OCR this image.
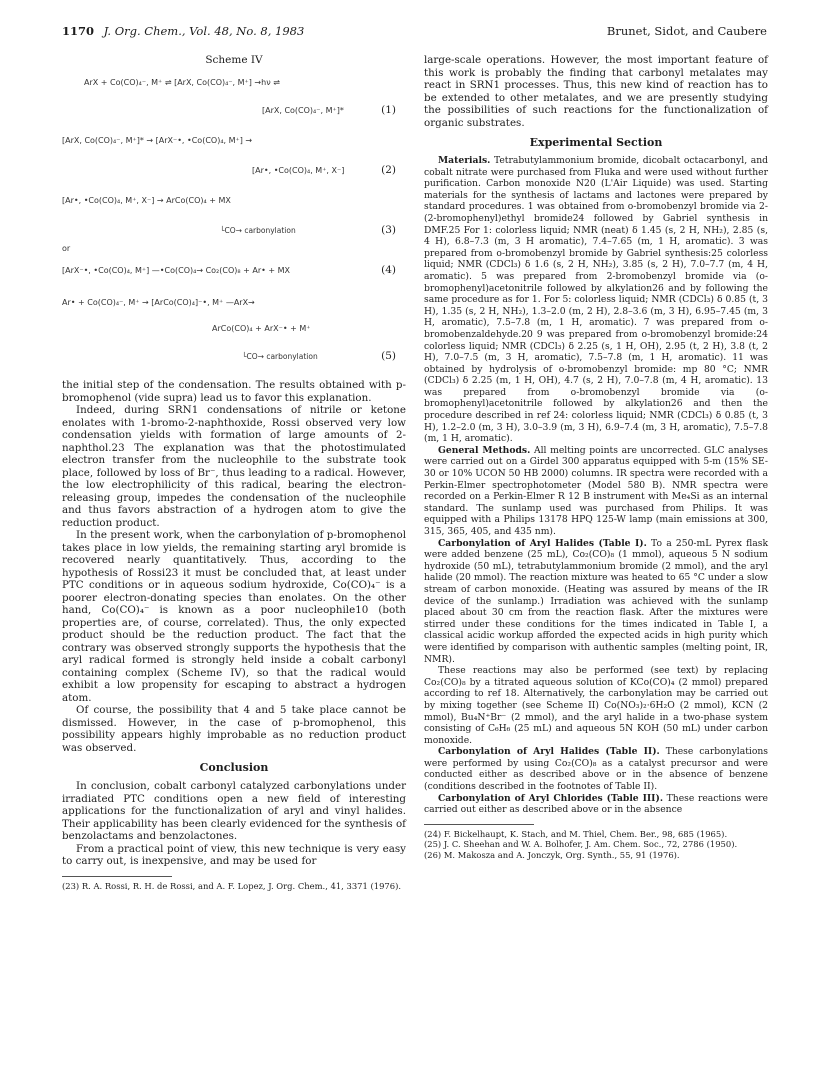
1170 J. Org. Chem., Vol. 48, No. 8, 1983	Brunet, Sidot, and Caubere
Scheme IV
ArX + Co(CO)₄⁻, M⁺ ⇌ [ArX, Co(CO)₄⁻, M⁺] →hν ⇌
[ArX, Co(CO)₄⁻, M⁺]*	(1)
[ArX, Co(CO)₄⁻, M⁺]* → [ArX⁻•, •Co(CO)₄, M⁺] →
[Ar•, •Co(CO)₄, M⁺, X⁻]	(2)
[Ar•, •Co(CO)₄, M⁺, X⁻] → ArCo(CO)₄ + MX
└CO→ carbonylation	(3)
or
[ArX⁻•, •Co(CO)₄, M⁺] —•Co(CO)₄→ Co₂(CO)₈ + Ar• + MX	(4)
Ar• + Co(CO)₄⁻, M⁺ → [ArCo(CO)₄]⁻•, M⁺ —ArX→
ArCo(CO)₄ + ArX⁻• + M⁺
└CO→ carbonylation	(5)

the initial step of the condensation. The results obtained with p-bromophenol (vide supra) lead us to favor this explanation.

Indeed, during SRN1 condensations of nitrile or ketone enolates with 1-bromo-2-naphthoxide, Rossi observed very low condensation yields with formation of large amounts of 2-naphthol.23 The explanation was that the photostimulated electron transfer from the nucleophile to the substrate took place, followed by loss of Br⁻, thus leading to a radical. However, the low electrophilicity of this radical, bearing the electron-releasing group, impedes the condensation of the nucleophile and thus favors abstraction of a hydrogen atom to give the reduction product.

In the present work, when the carbonylation of p-bromophenol takes place in low yields, the remaining starting aryl bromide is recovered nearly quantitatively. Thus, according to the hypothesis of Rossi23 it must be concluded that, at least under PTC conditions or in aqueous sodium hydroxide, Co(CO)₄⁻ is a poorer electron-donating species than enolates. On the other hand, Co(CO)₄⁻ is known as a poor nucleophile10 (both properties are, of course, correlated). Thus, the only expected product should be the reduction product. The fact that the contrary was observed strongly supports the hypothesis that the aryl radical formed is strongly held inside a cobalt carbonyl containing complex (Scheme IV), so that the radical would exhibit a low propensity for escaping to abstract a hydrogen atom.

Of course, the possibility that 4 and 5 take place cannot be dismissed. However, in the case of p-bromophenol, this possibility appears highly improbable as no reduction product was observed.

Conclusion

In conclusion, cobalt carbonyl catalyzed carbonylations under irradiated PTC conditions open a new field of interesting applications for the functionalization of aryl and vinyl halides. Their applicability has been clearly evidenced for the synthesis of benzolactams and benzolactones.

From a practical point of view, this new technique is very easy to carry out, is inexpensive, and may be used for

(23) R. A. Rossi, R. H. de Rossi, and A. F. Lopez, J. Org. Chem., 41, 3371 (1976).

large-scale operations. However, the most important feature of this work is probably the finding that carbonyl metalates may react in SRN1 processes. Thus, this new kind of reaction has to be extended to other metalates, and we are presently studying the possibilities of such reactions for the functionalization of organic substrates.

Experimental Section

Materials. Tetrabutylammonium bromide, dicobalt octacarbonyl, and cobalt nitrate were purchased from Fluka and were used without further purification. Carbon monoxide N20 (L'Air Liquide) was used. Starting materials for the synthesis of lactams and lactones were prepared by standard procedures. 1 was obtained from o-bromobenzyl bromide via 2-(2-bromophenyl)ethyl bromide24 followed by Gabriel synthesis in DMF.25 For 1: colorless liquid; NMR (neat) δ 1.45 (s, 2 H, NH₂), 2.85 (s, 4 H), 6.8–7.3 (m, 3 H aromatic), 7.4–7.65 (m, 1 H, aromatic). 3 was prepared from o-bromobenzyl bromide by Gabriel synthesis:25 colorless liquid; NMR (CDCl₃) δ 1.6 (s, 2 H, NH₂), 3.85 (s, 2 H), 7.0–7.7 (m, 4 H, aromatic). 5 was prepared from 2-bromobenzyl bromide via (o-bromophenyl)acetonitrile followed by alkylation26 and by following the same procedure as for 1. For 5: colorless liquid; NMR (CDCl₃) δ 0.85 (t, 3 H), 1.35 (s, 2 H, NH₂), 1.3–2.0 (m, 2 H), 2.8–3.6 (m, 3 H), 6.95–7.45 (m, 3 H, aromatic), 7.5–7.8 (m, 1 H, aromatic). 7 was prepared from o-bromobenzaldehyde.20 9 was prepared from o-bromobenzyl bromide:24 colorless liquid; NMR (CDCl₃) δ 2.25 (s, 1 H, OH), 2.95 (t, 2 H), 3.8 (t, 2 H), 7.0–7.5 (m, 3 H, aromatic), 7.5–7.8 (m, 1 H, aromatic). 11 was obtained by hydrolysis of o-bromobenzyl bromide: mp 80 °C; NMR (CDCl₃) δ 2.25 (m, 1 H, OH), 4.7 (s, 2 H), 7.0–7.8 (m, 4 H, aromatic). 13 was prepared from o-bromobenzyl bromide via (o-bromophenyl)acetonitrile followed by alkylation26 and then the procedure described in ref 24: colorless liquid; NMR (CDCl₃) δ 0.85 (t, 3 H), 1.2–2.0 (m, 3 H), 3.0–3.9 (m, 3 H), 6.9–7.4 (m, 3 H, aromatic), 7.5–7.8 (m, 1 H, aromatic).

General Methods. All melting points are uncorrected. GLC analyses were carried out on a Girdel 300 apparatus equipped with 5-m (15% SE-30 or 10% UCON 50 HB 2000) columns. IR spectra were recorded with a Perkin-Elmer spectrophotometer (Model 580 B). NMR spectra were recorded on a Perkin-Elmer R 12 B instrument with Me₄Si as an internal standard. The sunlamp used was purchased from Philips. It was equipped with a Philips 13178 HPQ 125-W lamp (main emissions at 300, 315, 365, 405, and 435 nm).

Carbonylation of Aryl Halides (Table I). To a 250-mL Pyrex flask were added benzene (25 mL), Co₂(CO)₈ (1 mmol), aqueous 5 N sodium hydroxide (50 mL), tetrabutylammonium bromide (2 mmol), and the aryl halide (20 mmol). The reaction mixture was heated to 65 °C under a slow stream of carbon monoxide. (Heating was assured by means of the IR device of the sunlamp.) Irradiation was achieved with the sunlamp placed about 30 cm from the reaction flask. After the mixtures were stirred under these conditions for the times indicated in Table I, a classical acidic workup afforded the expected acids in high purity which were identified by comparison with authentic samples (melting point, IR, NMR).

These reactions may also be performed (see text) by replacing Co₂(CO)₈ by a titrated aqueous solution of KCo(CO)₄ (2 mmol) prepared according to ref 18. Alternatively, the carbonylation may be carried out by mixing together (see Scheme II) Co(NO₃)₂·6H₂O (2 mmol), KCN (2 mmol), Bu₄N⁺Br⁻ (2 mmol), and the aryl halide in a two-phase system consisting of C₆H₆ (25 mL) and aqueous 5N KOH (50 mL) under carbon monoxide.

Carbonylation of Aryl Halides (Table II). These carbonylations were performed by using Co₂(CO)₈ as a catalyst precursor and were conducted either as described above or in the absence of benzene (conditions described in the footnotes of Table II).

Carbonylation of Aryl Chlorides (Table III). These reactions were carried out either as described above or in the absence

(24) F. Bickelhaupt, K. Stach, and M. Thiel, Chem. Ber., 98, 685 (1965).

(25) J. C. Sheehan and W. A. Bolhofer, J. Am. Chem. Soc., 72, 2786 (1950).

(26) M. Makosza and A. Jonczyk, Org. Synth., 55, 91 (1976).
